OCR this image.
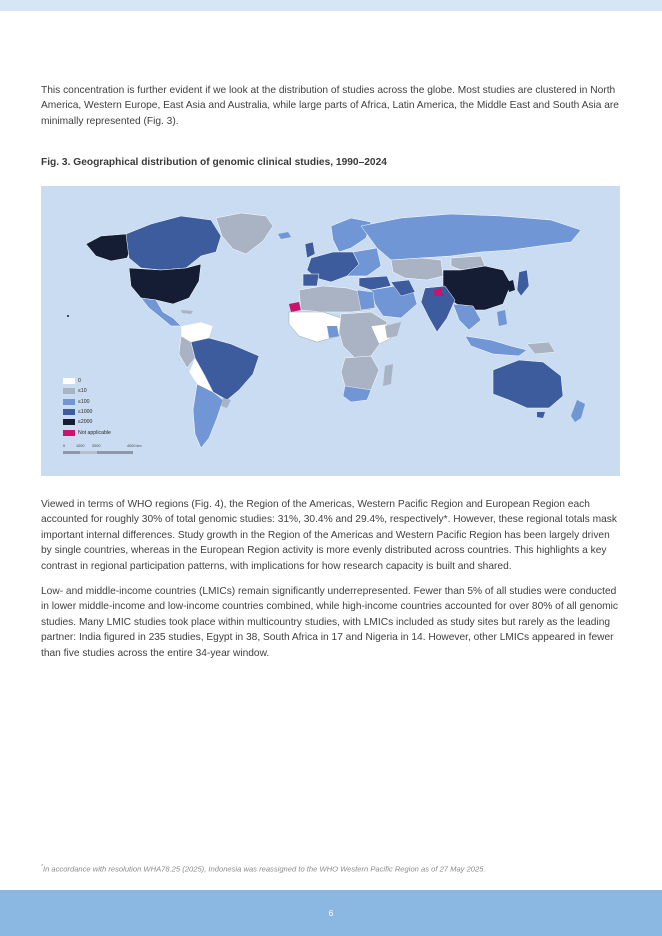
This concentration is further evident if we look at the distribution of studies across the globe. Most studies are clustered in North America, Western Europe, East Asia and Australia, while large parts of Africa, Latin America, the Middle East and South Asia are minimally represented (Fig. 3).

Fig. 3. Geographical distribution of genomic clinical studies, 1990–2024

0
≤10
≤100
≤1000
≤2000
Not applicable
0	1000 2000	4000 km

Viewed in terms of WHO regions (Fig. 4), the Region of the Americas, Western Pacific Region and European Region each accounted for roughly 30% of total genomic studies: 31%, 30.4% and 29.4%, respectively*. However, these regional totals mask important internal differences. Study growth in the Region of the Americas and Western Pacific Region has been largely driven by single countries, whereas in the European Region activity is more evenly distributed across countries. This highlights a key contrast in regional participation patterns, with implications for how research capacity is built and shared.

Low- and middle-income countries (LMICs) remain significantly underrepresented. Fewer than 5% of all studies were conducted in lower middle-income and low-income countries combined, while high-income countries accounted for over 80% of all genomic studies. Many LMIC studies took place within multicountry studies, with LMICs included as study sites but rarely as the leading partner: India figured in 235 studies, Egypt in 38, South Africa in 17 and Nigeria in 14. However, other LMICs appeared in fewer than five studies across the entire 34-year window.

*In accordance with resolution WHA78.25 (2025), Indonesia was reassigned to the WHO Western Pacific Region as of 27 May 2025.

6
